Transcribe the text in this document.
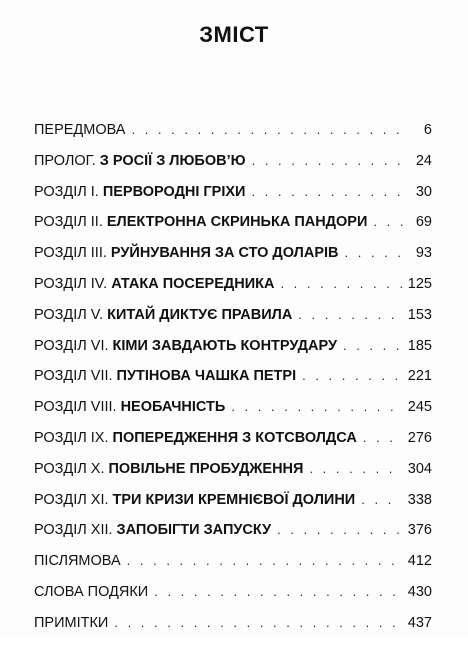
ЗМІСТ
ПЕРЕДМОВА . . .	6
ПРОЛОГ. З РОСІЇ З ЛЮБОВ’Ю . . .	24
РОЗДІЛ I. ПЕРВОРОДНІ ГРІХИ . . .	30
РОЗДІЛ II. ЕЛЕКТРОННА СКРИНЬКА ПАНДОРИ . . .	69
РОЗДІЛ III. РУЙНУВАННЯ ЗА СТО ДОЛАРІВ . . .	93
РОЗДІЛ IV. АТАКА ПОСЕРЕДНИКА . . .	125
РОЗДІЛ V. КИТАЙ ДИКТУЄ ПРАВИЛА . . .	153
РОЗДІЛ VI. КІМИ ЗАВДАЮТЬ КОНТРУДАРУ . . .	185
РОЗДІЛ VII. ПУТІНОВА ЧАШКА ПЕТРІ . . .	221
РОЗДІЛ VIII. НЕОБАЧНІСТЬ . . .	245
РОЗДІЛ IX. ПОПЕРЕДЖЕННЯ З КОТСВОЛДСА . . .	276
РОЗДІЛ X. ПОВІЛЬНЕ ПРОБУДЖЕННЯ . . .	304
РОЗДІЛ XI. ТРИ КРИЗИ КРЕМНІЄВОЇ ДОЛИНИ . . .	338
РОЗДІЛ XII. ЗАПОБІГТИ ЗАПУСКУ . . .	376
ПІСЛЯМОВА . . .	412
СЛОВА ПОДЯКИ . . .	430
ПРИМІТКИ . . .	437
